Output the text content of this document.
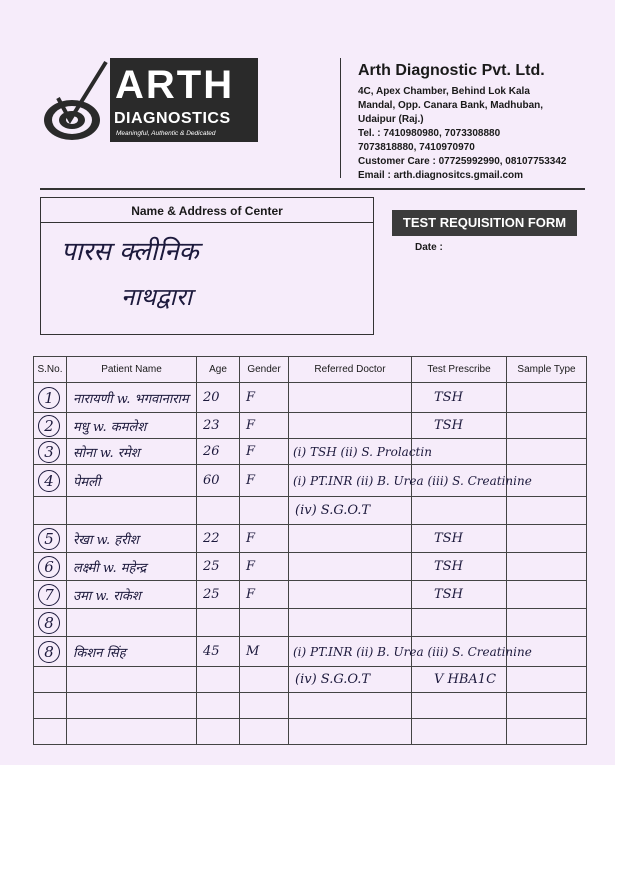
ARTH
DIAGNOSTICS
Meaningful, Authentic & Dedicated
Arth Diagnostic Pvt. Ltd.
4C, Apex Chamber, Behind Lok Kala
Mandal, Opp. Canara Bank, Madhuban,
Udaipur (Raj.)
Tel. : 7410980980, 7073308880
7073818880, 7410970970
Customer Care : 07725992990, 08107753342
Email : arth.diagnositcs.gmail.com
Name & Address of Center
पारस क्लीनिक
नाथद्वारा
TEST REQUISITION FORM
Date :
S.No.	Patient Name	Age	Gender	Referred Doctor	Test Prescribe	Sample Type
1	नारायणी w. भगवानाराम	20	F		TSH	
2	मधु w. कमलेश	23	F		TSH	
3	सोना w. रमेश	26	F	(i) TSH (ii) S. Prolactin		

4	पेमली	60	F	(i) PT.INR (ii) B. Urea (iii) S. Creatinine		

				(iv) S.G.O.T		
5	रेखा w. हरीश	22	F		TSH	
6	लक्ष्मी w. महेन्द्र	25	F		TSH	
7	उमा w. राकेश	25	F		TSH	
8						
8	किशन सिंह	45	M	(i) PT.INR (ii) B. Urea (iii) S. Creatinine		

				(iv) S.G.O.T	V HBA1C	
